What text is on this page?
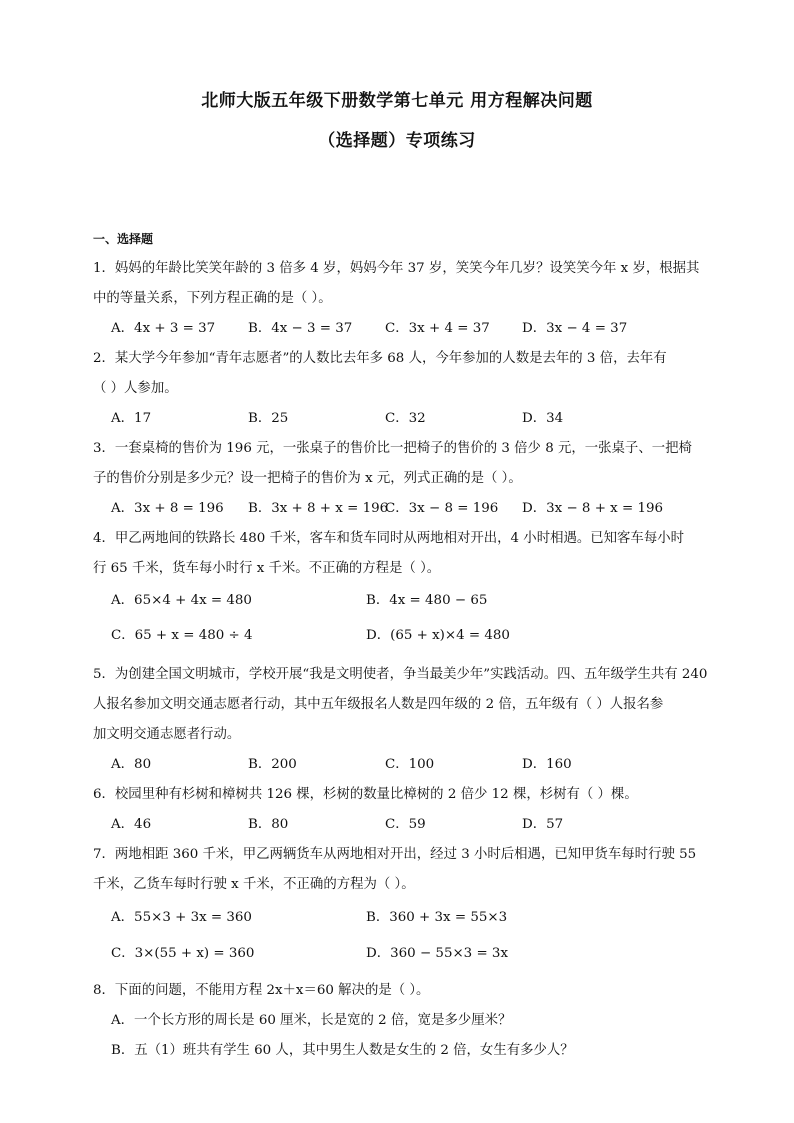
北师大版五年级下册数学第七单元 用方程解决问题
（选择题）专项练习
一、选择题
1．妈妈的年龄比笑笑年龄的 3 倍多 4 岁，妈妈今年 37 岁，笑笑今年几岁？设笑笑今年 x 岁，根据其
中的等量关系，下列方程正确的是（ ）。
A．4x + 3 = 37	B．4x − 3 = 37	C．3x + 4 = 37	D．3x − 4 = 37
2．某大学今年参加“青年志愿者”的人数比去年多 68 人，今年参加的人数是去年的 3 倍，去年有
（ ）人参加。
A．17	B．25	C．32	D．34
3．一套桌椅的售价为 196 元，一张桌子的售价比一把椅子的售价的 3 倍少 8 元，一张桌子、一把椅
子的售价分别是多少元？设一把椅子的售价为 x 元，列式正确的是（ ）。
A．3x + 8 = 196	B．3x + 8 + x = 196
C．3x − 8 = 196	D．3x − 8 + x = 196
4．甲乙两地间的铁路长 480 千米，客车和货车同时从两地相对开出，4 小时相遇。已知客车每小时
行 65 千米，货车每小时行 x 千米。不正确的方程是（ ）。
A．65×4 + 4x = 480	B．4x = 480 − 65
C．65 + x = 480 ÷ 4	D．(65 + x)×4 = 480
5．为创建全国文明城市，学校开展“我是文明使者，争当最美少年”实践活动。四、五年级学生共有 240
人报名参加文明交通志愿者行动，其中五年级报名人数是四年级的 2 倍，五年级有（ ）人报名参
加文明交通志愿者行动。
A．80	B．200	C．100	D．160
6．校园里种有杉树和樟树共 126 棵，杉树的数量比樟树的 2 倍少 12 棵，杉树有（ ）棵。
A．46	B．80	C．59	D．57
7．两地相距 360 千米，甲乙两辆货车从两地相对开出，经过 3 小时后相遇，已知甲货车每时行驶 55
千米，乙货车每时行驶 x 千米，不正确的方程为（ ）。
A．55×3 + 3x = 360	B．360 + 3x = 55×3
C．3×(55 + x) = 360	D．360 − 55×3 = 3x
8．下面的问题，不能用方程 2x＋x＝60 解决的是（ ）。
A．一个长方形的周长是 60 厘米，长是宽的 2 倍，宽是多少厘米？
B．五（1）班共有学生 60 人，其中男生人数是女生的 2 倍，女生有多少人？
